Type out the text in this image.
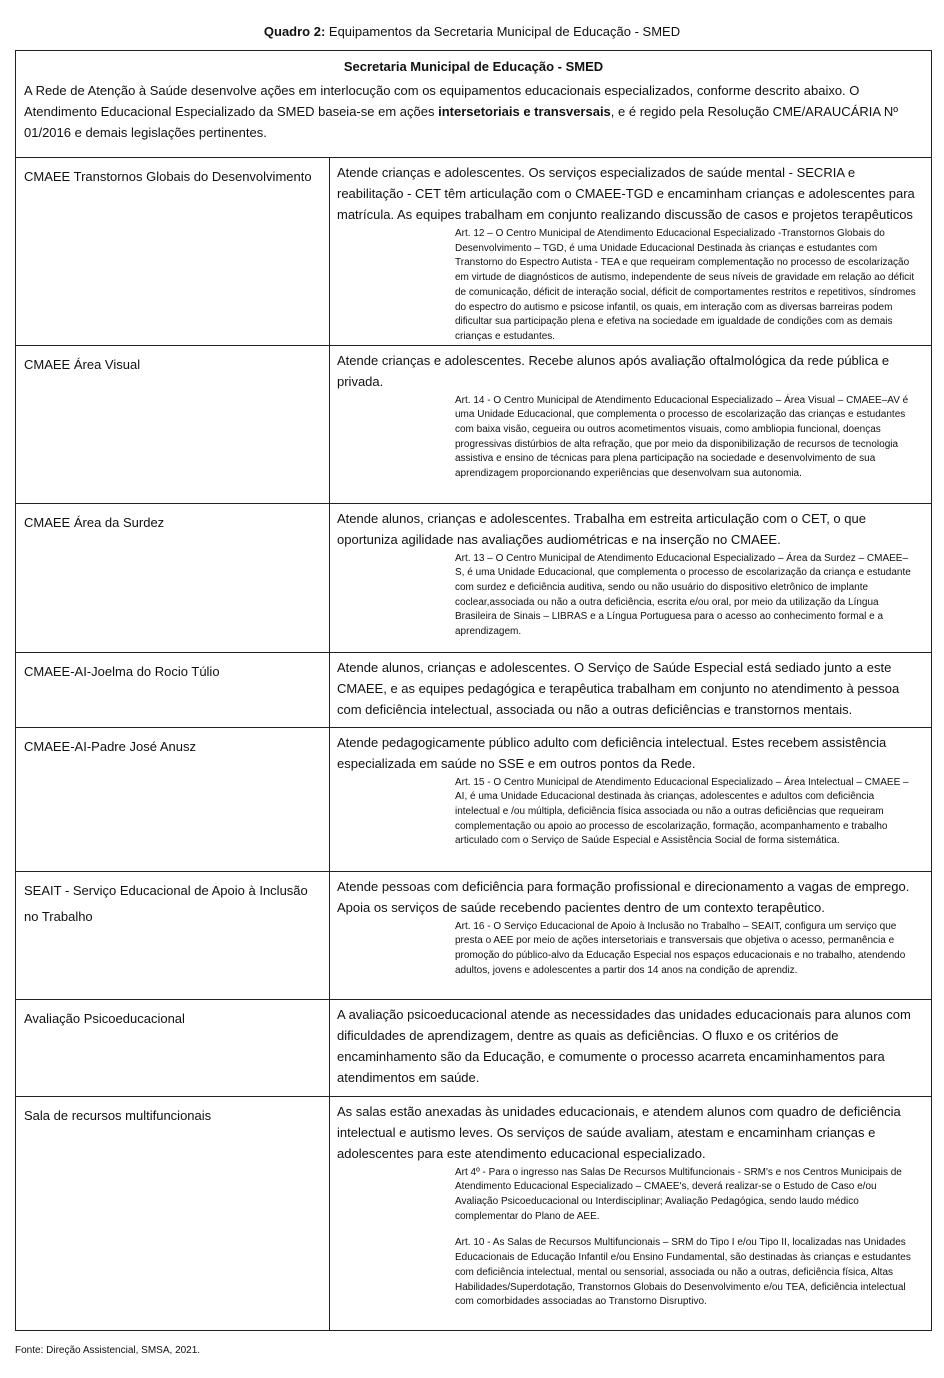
Quadro 2: Equipamentos da Secretaria Municipal de Educação - SMED
Secretaria Municipal de Educação - SMED
A Rede de Atenção à Saúde desenvolve ações em interlocução com os equipamentos educacionais especializados, conforme descrito abaixo. O Atendimento Educacional Especializado da SMED baseia-se em ações intersetoriais e transversais, e é regido pela Resolução CME/ARAUCÁRIA Nº 01/2016 e demais legislações pertinentes.	

CMAEE Transtornos Globais do Desenvolvimento	Atende crianças e adolescentes. Os serviços especializados de saúde mental - SECRIA e reabilitação - CET têm articulação com o CMAEE-TGD e encaminham crianças e adolescentes para matrícula. As equipes trabalham em conjunto realizando discussão de casos e projetos terapêuticos

Art. 12 – O Centro Municipal de Atendimento Educacional Especializado -Transtornos Globais do Desenvolvimento – TGD, é uma Unidade Educacional Destinada às crianças e estudantes com Transtorno do Espectro Autista - TEA e que requeiram complementação no processo de escolarização em virtude de diagnósticos de autismo, independente de seus níveis de gravidade em relação ao déficit de comunicação, déficit de interação social, déficit de comportamentes restritos e repetitivos, síndromes do espectro do autismo e psicose infantil, os quais, em interação com as diversas barreiras podem dificultar sua participação plena e efetiva na sociedade em igualdade de condições com as demais crianças e estudantes.

CMAEE Área Visual	Atende crianças e adolescentes. Recebe alunos após avaliação oftalmológica da rede pública e privada.

Art. 14 - O Centro Municipal de Atendimento Educacional Especializado – Área Visual – CMAEE–AV é uma Unidade Educacional, que complementa o processo de escolarização das crianças e estudantes com baixa visão, cegueira ou outros acometimentos visuais, como ambliopia funcional, doenças progressivas distúrbios de alta refração, que por meio da disponibilização de recursos de tecnologia assistiva e ensino de técnicas para plena participação na sociedade e desenvolvimento de sua aprendizagem proporcionando experiências que desenvolvam sua autonomia.

CMAEE Área da Surdez	Atende alunos, crianças e adolescentes. Trabalha em estreita articulação com o CET, o que oportuniza agilidade nas avaliações audiométricas e na inserção no CMAEE.

Art. 13 – O Centro Municipal de Atendimento Educacional Especializado – Área da Surdez – CMAEE–S, é uma Unidade Educacional, que complementa o processo de escolarização da criança e estudante com surdez e deficiência auditiva, sendo ou não usuário do dispositivo eletrônico de implante coclear,associada ou não a outra deficiência, escrita e/ou oral, por meio da utilização da Língua Brasileira de Sinais – LIBRAS e a Língua Portuguesa para o acesso ao conhecimento formal e a aprendizagem.

CMAEE-AI-Joelma do Rocio Túlio	Atende alunos, crianças e adolescentes. O Serviço de Saúde Especial está sediado junto a este CMAEE, e as equipes pedagógica e terapêutica trabalham em conjunto no atendimento à pessoa com deficiência intelectual, associada ou não a outras deficiências e transtornos mentais.

CMAEE-AI-Padre José Anusz	Atende pedagogicamente público adulto com deficiência intelectual. Estes recebem assistência especializada em saúde no SSE e em outros pontos da Rede.

Art. 15 - O Centro Municipal de Atendimento Educacional Especializado – Área Intelectual – CMAEE – AI, é uma Unidade Educacional destinada às crianças, adolescentes e adultos com deficiência intelectual e /ou múltipla, deficiência física associada ou não a outras deficiências que requeiram complementação ou apoio ao processo de escolarização, formação, acompanhamento e trabalho articulado com o Serviço de Saúde Especial e Assistência Social de forma sistemática.

SEAIT - Serviço Educacional de Apoio à Inclusão no Trabalho	Atende pessoas com deficiência para formação profissional e direcionamento a vagas de emprego. Apoia os serviços de saúde recebendo pacientes dentro de um contexto terapêutico.

Art. 16 - O Serviço Educacional de Apoio à Inclusão no Trabalho – SEAIT, configura um serviço que presta o AEE por meio de ações intersetoriais e transversais que objetiva o acesso, permanência e promoção do público-alvo da Educação Especial nos espaços educacionais e no trabalho, atendendo adultos, jovens e adolescentes a partir dos 14 anos na condição de aprendiz.

Avaliação Psicoeducacional	A avaliação psicoeducacional atende as necessidades das unidades educacionais para alunos com dificuldades de aprendizagem, dentre as quais as deficiências. O fluxo e os critérios de encaminhamento são da Educação, e comumente o processo acarreta encaminhamentos para atendimentos em saúde.

Sala de recursos multifuncionais	As salas estão anexadas às unidades educacionais, e atendem alunos com quadro de deficiência intelectual e autismo leves. Os serviços de saúde avaliam, atestam e encaminham crianças e adolescentes para este atendimento educacional especializado.

Art 4º - Para o ingresso nas Salas De Recursos Multifuncionais - SRM's e nos Centros Municipais de Atendimento Educacional Especializado – CMAEE's, deverá realizar-se o Estudo de Caso e/ou Avaliação Psicoeducacional ou Interdisciplinar; Avaliação Pedagógica, sendo laudo médico complementar do Plano de AEE.
Art. 10 - As Salas de Recursos Multifuncionais – SRM do Tipo I e/ou Tipo II, localizadas nas Unidades Educacionais de Educação Infantil e/ou Ensino Fundamental, são destinadas às crianças e estudantes com deficiência intelectual, mental ou sensorial, associada ou não a outras, deficiência física, Altas Habilidades/Superdotação, Transtornos Globais do Desenvolvimento e/ou TEA, deficiência intelectual com comorbidades associadas ao Transtorno Disruptivo.
Fonte: Direção Assistencial, SMSA, 2021.
